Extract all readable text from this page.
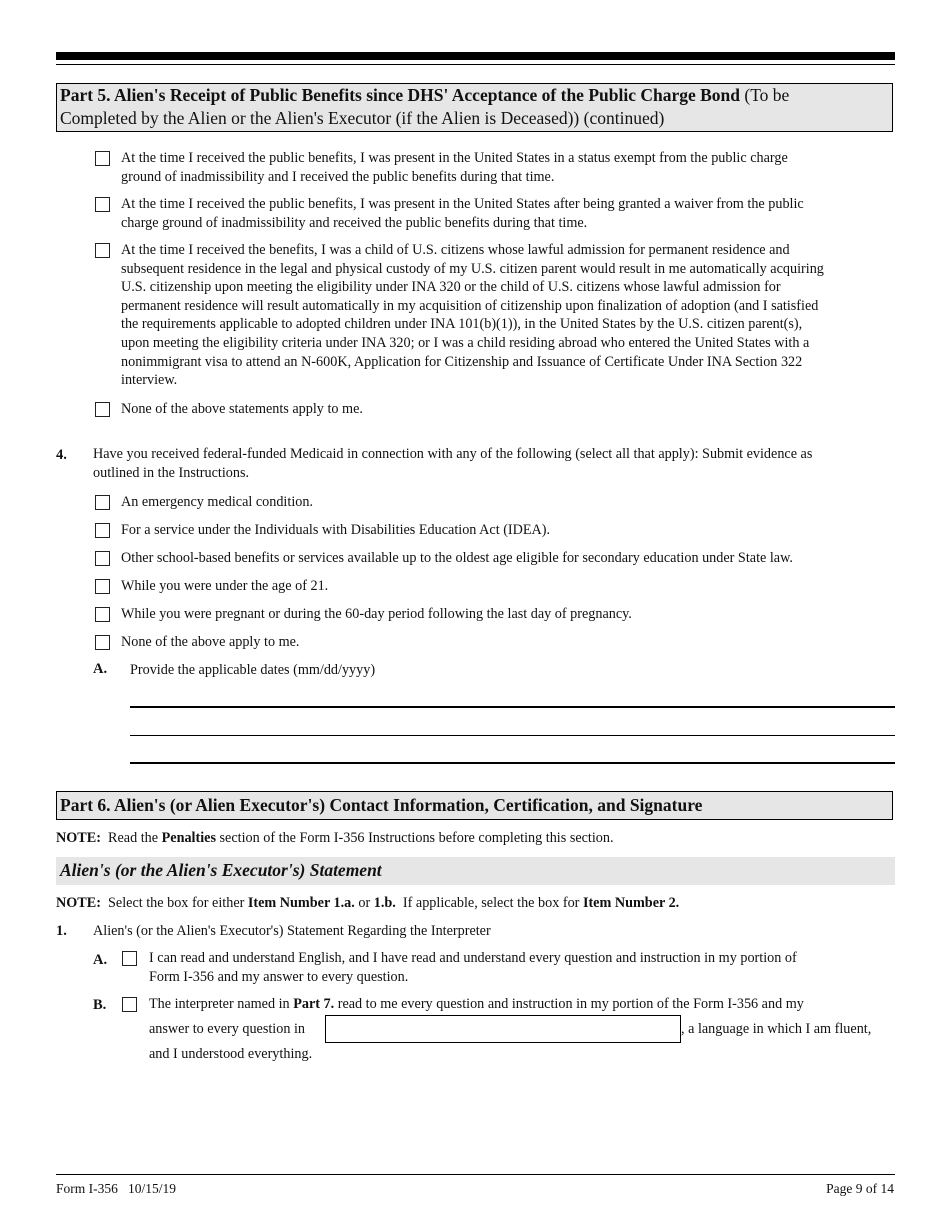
Part 5. Alien's Receipt of Public Benefits since DHS' Acceptance of the Public Charge Bond (To be
Completed by the Alien or the Alien's Executor (if the Alien is Deceased)) (continued)
At the time I received the public benefits, I was present in the United States in a status exempt from the public charge
ground of inadmissibility and I received the public benefits during that time.
At the time I received the public benefits, I was present in the United States after being granted a waiver from the public
charge ground of inadmissibility and received the public benefits during that time.
At the time I received the benefits, I was a child of U.S. citizens whose lawful admission for permanent residence and
subsequent residence in the legal and physical custody of my U.S. citizen parent would result in me automatically acquiring
U.S. citizenship upon meeting the eligibility under INA 320 or the child of U.S. citizens whose lawful admission for
permanent residence will result automatically in my acquisition of citizenship upon finalization of adoption (and I satisfied
the requirements applicable to adopted children under INA 101(b)(1)), in the United States by the U.S. citizen parent(s),
upon meeting the eligibility criteria under INA 320; or I was a child residing abroad who entered the United States with a
nonimmigrant visa to attend an N-600K, Application for Citizenship and Issuance of Certificate Under INA Section 322
interview.
None of the above statements apply to me.
4. Have you received federal-funded Medicaid in connection with any of the following (select all that apply): Submit evidence as
outlined in the Instructions.
An emergency medical condition.
For a service under the Individuals with Disabilities Education Act (IDEA).
Other school-based benefits or services available up to the oldest age eligible for secondary education under State law.
While you were under the age of 21.
While you were pregnant or during the 60-day period following the last day of pregnancy.
None of the above apply to me.
A. Provide the applicable dates (mm/dd/yyyy)
Part 6. Alien's (or Alien Executor's) Contact Information, Certification, and Signature
NOTE:  Read the Penalties section of the Form I-356 Instructions before completing this section.
Alien's (or the Alien's Executor's) Statement
NOTE:  Select the box for either Item Number 1.a. or 1.b.  If applicable, select the box for Item Number 2.
1. Alien's (or the Alien's Executor's) Statement Regarding the Interpreter
A.	I can read and understand English, and I have read and understand every question and instruction in my portion of
Form I-356 and my answer to every question.
B.	The interpreter named in Part 7. read to me every question and instruction in my portion of the Form I-356 and my
answer to every question in	, a language in which I am fluent,
and I understood everything.
Form I-356   10/15/19	Page 9 of 14
